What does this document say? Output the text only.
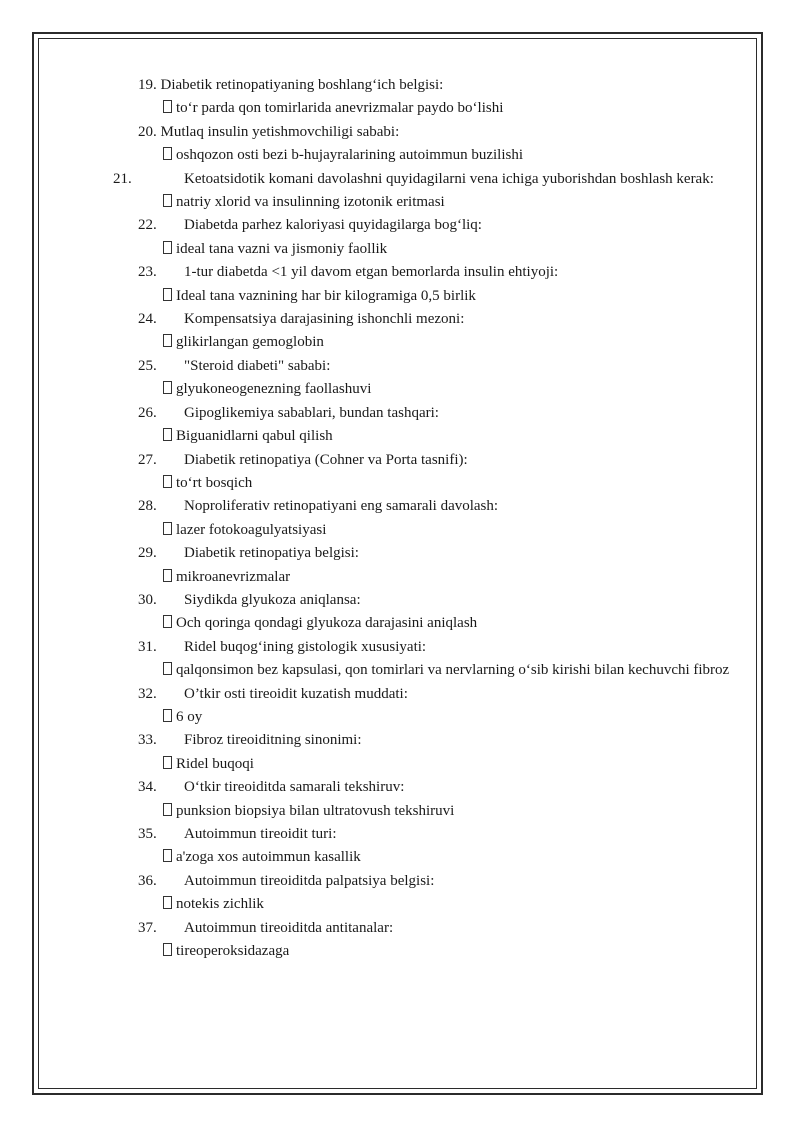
19. Diabetik retinopatiyaning boshlang‘ich belgisi:
to‘r parda qon tomirlarida anevrizmalar paydo bo‘lishi
20. Mutlaq insulin yetishmovchiligi sababi:
oshqozon osti bezi b-hujayralarining autoimmun buzilishi
21.	Ketoatsidotik komani davolashni quyidagilarni vena ichiga yuborishdan boshlash kerak:
natriy xlorid va insulinning izotonik eritmasi
22. Diabetda parhez kaloriyasi quyidagilarga bog‘liq:
ideal tana vazni va jismoniy faollik
23. 1-tur diabetda <1 yil davom etgan bemorlarda insulin ehtiyoji:
Ideal tana vaznining har bir kilogramiga 0,5 birlik
24. Kompensatsiya darajasining ishonchli mezoni:
glikirlangan gemoglobin
25. "Steroid diabeti" sababi:
glyukoneogenezning faollashuvi
26. Gipoglikemiya sabablari, bundan tashqari:
Biguanidlarni qabul qilish
27. Diabetik retinopatiya (Cohner va Porta tasnifi):
to‘rt bosqich
28. Noproliferativ retinopatiyani eng samarali davolash:
lazer fotokoagulyatsiyasi
29. Diabetik retinopatiya belgisi:
mikroanevrizmalar
30. Siydikda glyukoza aniqlansa:
Och qoringa qondagi glyukoza darajasini aniqlash
31. Ridel buqog‘ining gistologik xususiyati:
qalqonsimon bez kapsulasi, qon tomirlari va nervlarning o‘sib kirishi bilan kechuvchi fibroz
32. O’tkir osti tireoidit kuzatish muddati:
6 oy
33. Fibroz tireoiditning sinonimi:
Ridel buqoqi
34. O‘tkir tireoiditda samarali tekshiruv:
punksion biopsiya bilan ultratovush tekshiruvi
35. Autoimmun tireoidit turi:
a'zoga xos autoimmun kasallik
36. Autoimmun tireoiditda palpatsiya belgisi:
notekis zichlik
37. Autoimmun tireoiditda antitanalar:
tireoperoksidazaga
